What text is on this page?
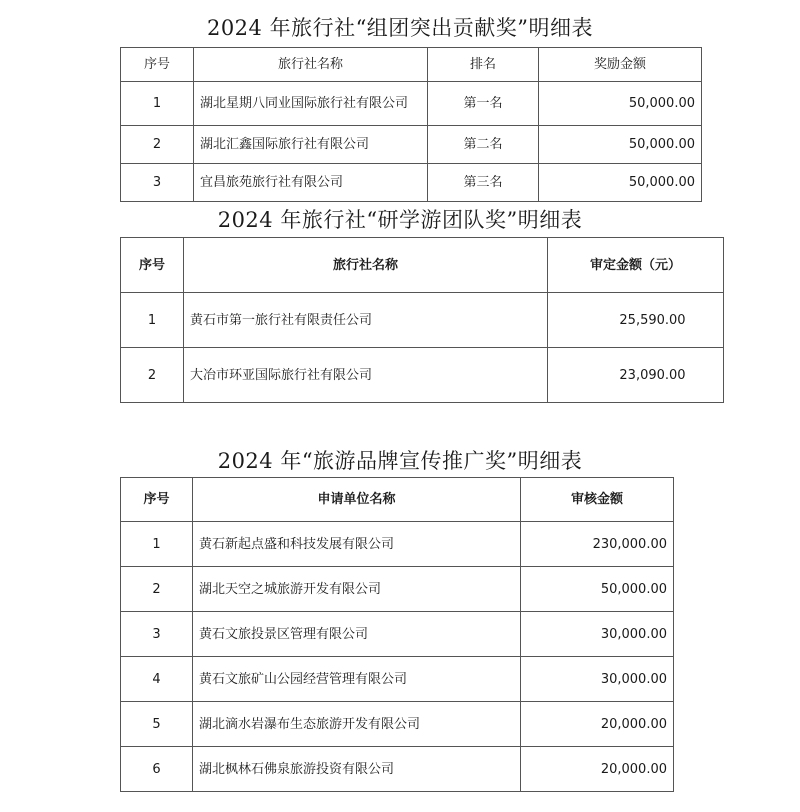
2024 年旅行社“组团突出贡献奖”明细表
序号	旅行社名称	排名	奖励金额
1	湖北星期八同业国际旅行社有限公司	第一名	50,000.00
2	湖北汇鑫国际旅行社有限公司	第二名	50,000.00
3	宜昌旅苑旅行社有限公司	第三名	50,000.00
2024 年旅行社“研学游团队奖”明细表
序号	旅行社名称	审定金额（元）
1	黄石市第一旅行社有限责任公司	25,590.00
2	大冶市环亚国际旅行社有限公司	23,090.00
2024 年“旅游品牌宣传推广奖”明细表
序号	申请单位名称	审核金额
1	黄石新起点盛和科技发展有限公司	230,000.00
2	湖北天空之城旅游开发有限公司	50,000.00
3	黄石文旅投景区管理有限公司	30,000.00
4	黄石文旅矿山公园经营管理有限公司	30,000.00
5	湖北滴水岩瀑布生态旅游开发有限公司	20,000.00
6	湖北枫林石佛泉旅游投资有限公司	20,000.00
